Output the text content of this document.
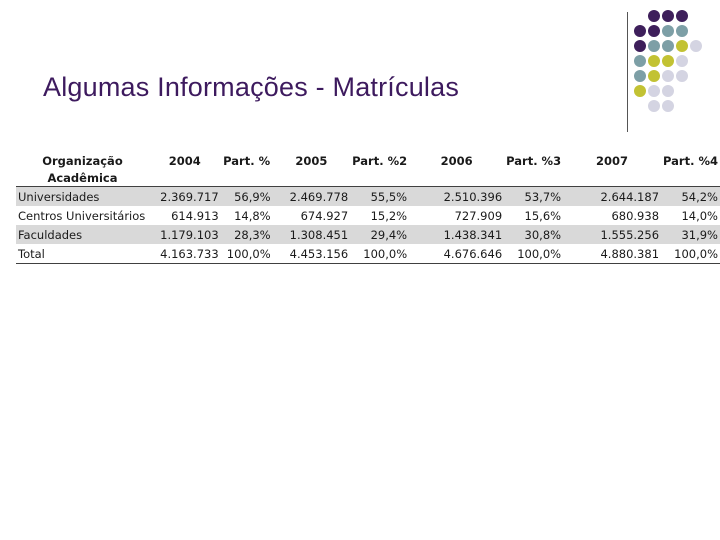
Algumas Informações - Matrículas
Organização	2004	Part. %	2005	Part. %2	2006	Part. %3	2007	Part. %4
Acadêmica								
Universidades	2.369.717	56,9%	2.469.778	55,5%	2.510.396	53,7%	2.644.187	54,2%
Centros Universitários	614.913	14,8%	674.927	15,2%	727.909	15,6%	680.938	14,0%
Faculdades	1.179.103	28,3%	1.308.451	29,4%	1.438.341	30,8%	1.555.256	31,9%
Total	4.163.733	100,0%	4.453.156	100,0%	4.676.646	100,0%	4.880.381	100,0%
